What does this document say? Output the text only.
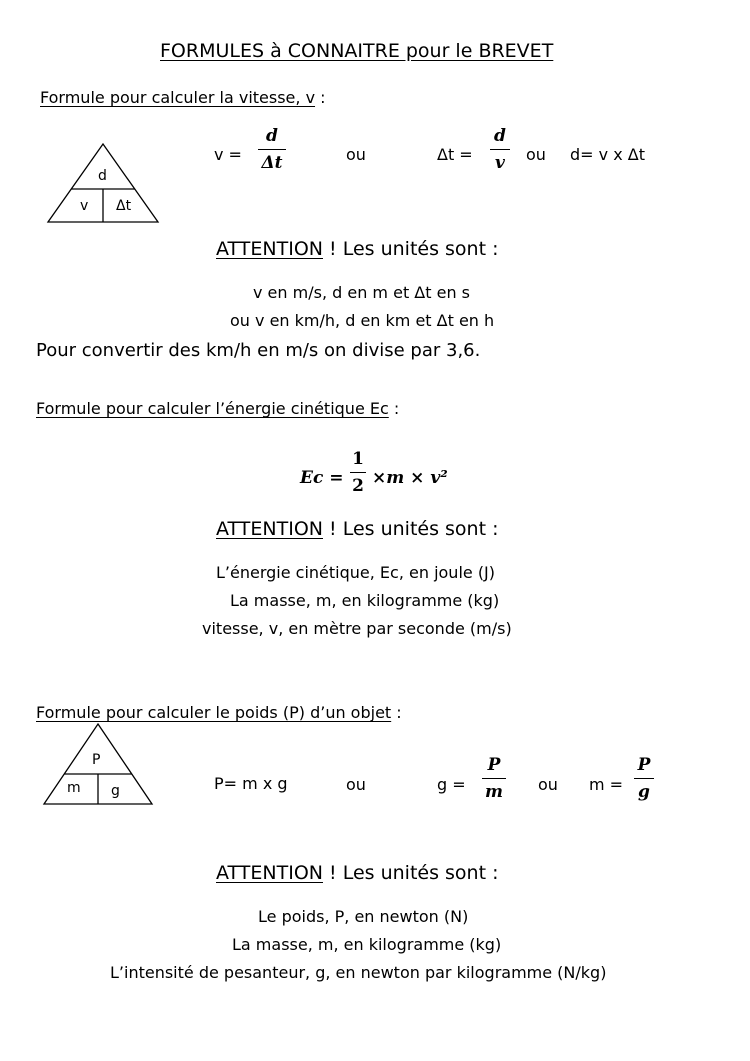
FORMULES à CONNAITRE pour le BREVET
Formule pour calculer la vitesse, v :
d
v Δt
v =
d
Δt	ou	Δt =
d
v ou d= v x Δt
ATTENTION ! Les unités sont :
v en m/s, d en m et Δt en s
ou v en km/h, d en km et Δt en h
Pour convertir des km/h en m/s on divise par 3,6.
Formule pour calculer l’énergie cinétique Ec :
Ec =
1
2 ×m × v²
ATTENTION ! Les unités sont :
L’énergie cinétique, Ec, en joule (J)
La masse, m, en kilogramme (kg)
vitesse, v, en mètre par seconde (m/s)
Formule pour calculer le poids (P) d’un objet :
P
m g	P= m x g	ou	g =
P
m ou m =
P
g
ATTENTION ! Les unités sont :
Le poids, P, en newton (N)
La masse, m, en kilogramme (kg)
L’intensité de pesanteur, g, en newton par kilogramme (N/kg)
